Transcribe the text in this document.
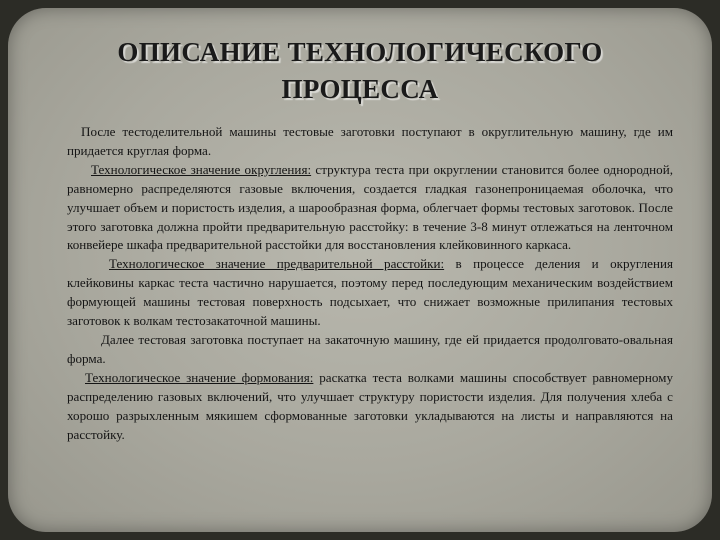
ОПИСАНИЕ ТЕХНОЛОГИЧЕСКОГО
ПРОЦЕССА

После тестоделительной машины тестовые заготовки поступают в округлительную машину, где им придается круглая форма.

Технологическое значение округления: структура теста при округлении становится более однородной, равномерно распределяются газовые включения, создается гладкая газонепроницаемая оболочка, что улучшает объем и пористость изделия, а шарообразная форма, облегчает формы тестовых заготовок. После этого заготовка должна пройти предварительную расстойку: в течение 3-8 минут отлежаться на ленточном конвейере шкафа предварительной расстойки для восстановления клейковинного каркаса.

Технологическое значение предварительной расстойки: в процессе деления и округления клейковины каркас теста частично нарушается, поэтому перед последующим механическим воздействием формующей машины тестовая поверхность подсыхает, что снижает возможные прилипания тестовых заготовок к волкам тестозакаточной машины.

Далее тестовая заготовка поступает на закаточную машину, где ей придается продолговато-овальная форма.

Технологическое значение формования: раскатка теста волками машины способствует равномерному распределению газовых включений, что улучшает структуру пористости изделия. Для получения хлеба с хорошо разрыхленным мякишем сформованные заготовки укладываются на листы и направляются на расстойку.
